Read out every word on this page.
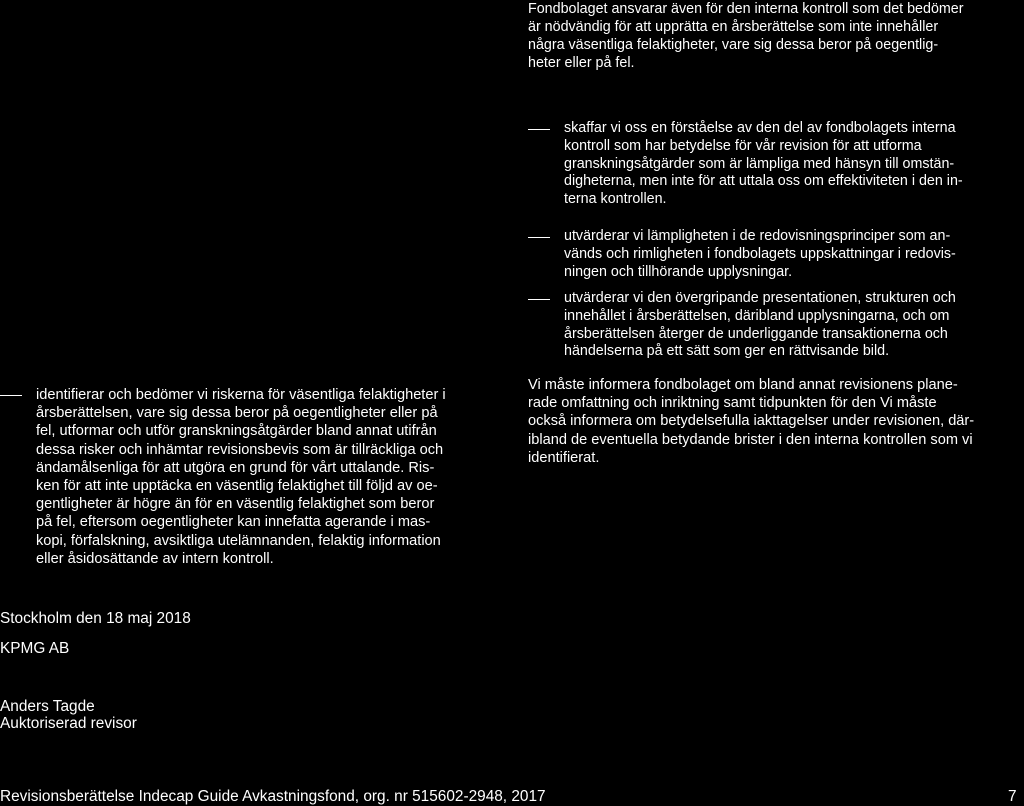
Fondbolaget ansvarar även för den interna kontroll som det bedömer
är nödvändig för att upprätta en årsberättelse som inte innehåller
några väsentliga felaktigheter, vare sig dessa beror på oegentlig-
heter eller på fel.
skaffar vi oss en förståelse av den del av fondbolagets interna
kontroll som har betydelse för vår revision för att utforma
granskningsåtgärder som är lämpliga med hänsyn till omstän-
digheterna, men inte för att uttala oss om effektiviteten i den in-
terna kontrollen.
utvärderar vi lämpligheten i de redovisningsprinciper som an-
vänds och rimligheten i fondbolagets uppskattningar i redovis-
ningen och tillhörande upplysningar.
utvärderar vi den övergripande presentationen, strukturen och
innehållet i årsberättelsen, däribland upplysningarna, och om
årsberättelsen återger de underliggande transaktionerna och
händelserna på ett sätt som ger en rättvisande bild.
Vi måste informera fondbolaget om bland annat revisionens plane-
rade omfattning och inriktning samt tidpunkten för den Vi måste
också informera om betydelsefulla iakttagelser under revisionen, där-
ibland de eventuella betydande brister i den interna kontrollen som vi
identifierat.
identifierar och bedömer vi riskerna för väsentliga felaktigheter i
årsberättelsen, vare sig dessa beror på oegentligheter eller på
fel, utformar och utför granskningsåtgärder bland annat utifrån
dessa risker och inhämtar revisionsbevis som är tillräckliga och
ändamålsenliga för att utgöra en grund för vårt uttalande. Ris-
ken för att inte upptäcka en väsentlig felaktighet till följd av oe-
gentligheter är högre än för en väsentlig felaktighet som beror
på fel, eftersom oegentligheter kan innefatta agerande i mas-
kopi, förfalskning, avsiktliga utelämnanden, felaktig information
eller åsidosättande av intern kontroll.
Stockholm den 18 maj 2018
KPMG AB
Anders Tagde
Auktoriserad revisor
Revisionsberättelse Indecap Guide Avkastningsfond, org. nr 515602-2948, 2017	7
